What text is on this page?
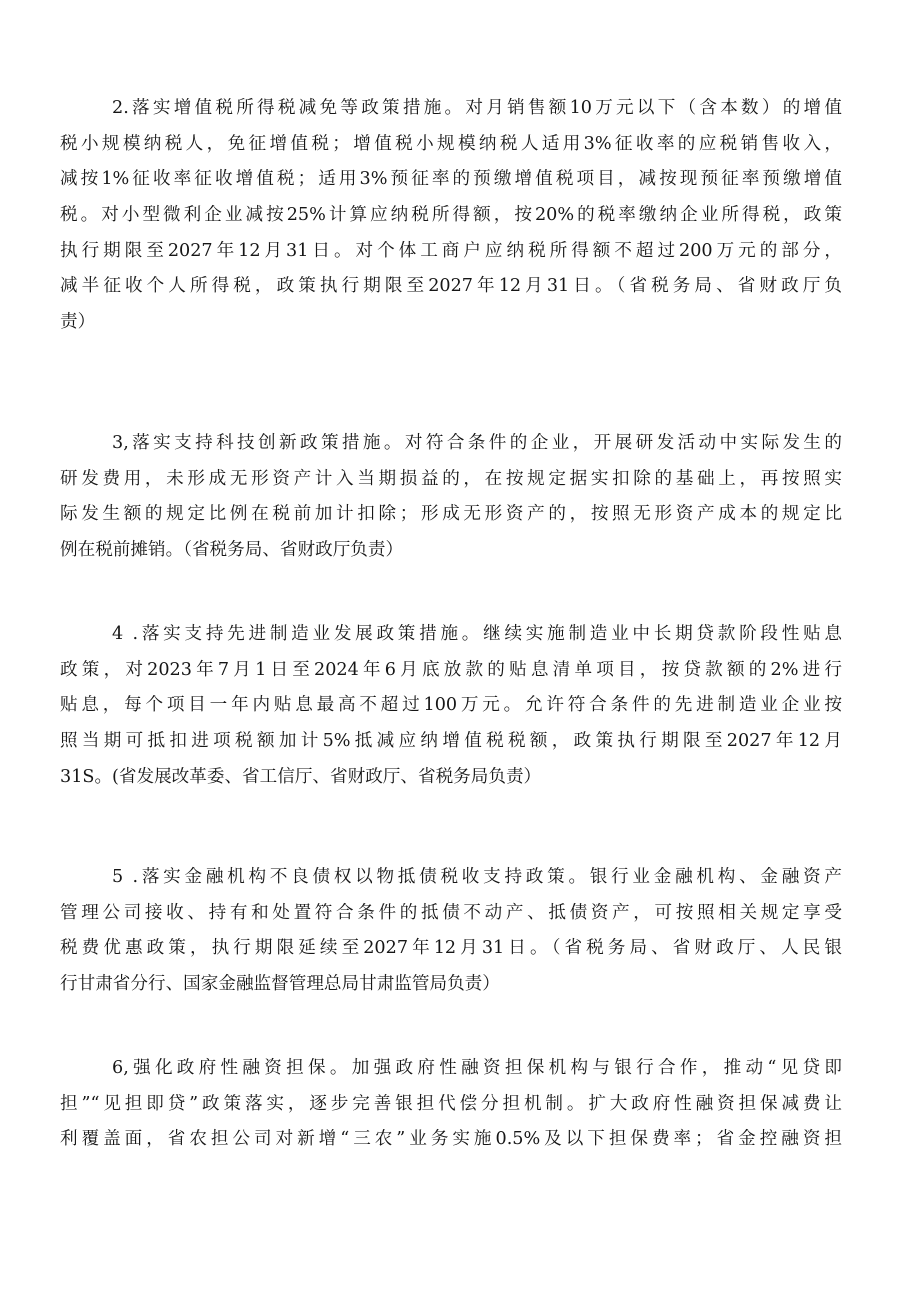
2.落实增值税所得税减免等政策措施。对月销售额10万元以下（含本数）的增值
税小规模纳税人，免征增值税；增值税小规模纳税人适用3%征收率的应税销售收入，
减按1%征收率征收增值税；适用3%预征率的预缴增值税项目，减按现预征率预缴增值
税。对小型微利企业减按25%计算应纳税所得额，按20%的税率缴纳企业所得税，政策
执行期限至2027年12月31日。对个体工商户应纳税所得额不超过200万元的部分，
减半征收个人所得税，政策执行期限至2027年12月31日。（省税务局、省财政厅负
责）
3,落实支持科技创新政策措施。对符合条件的企业，开展研发活动中实际发生的
研发费用，未形成无形资产计入当期损益的，在按规定据实扣除的基础上，再按照实
际发生额的规定比例在税前加计扣除；形成无形资产的，按照无形资产成本的规定比
例在税前摊销。（省税务局、省财政厅负责）
4 .落实支持先进制造业发展政策措施。继续实施制造业中长期贷款阶段性贴息
政策，对2023年7月1日至2024年6月底放款的贴息清单项目，按贷款额的2%进行
贴息，每个项目一年内贴息最高不超过100万元。允许符合条件的先进制造业企业按
照当期可抵扣进项税额加计5%抵减应纳增值税税额，政策执行期限至2027年12月
31S。(省发展改革委、省工信厅、省财政厅、省税务局负责）
5 .落实金融机构不良债权以物抵债税收支持政策。银行业金融机构、金融资产
管理公司接收、持有和处置符合条件的抵债不动产、抵债资产，可按照相关规定享受
税费优惠政策，执行期限延续至2027年12月31日。（省税务局、省财政厅、人民银
行甘肃省分行、国家金融监督管理总局甘肃监管局负责）
6,强化政府性融资担保。加强政府性融资担保机构与银行合作，推动“见贷即
担”“见担即贷”政策落实，逐步完善银担代偿分担机制。扩大政府性融资担保减费让
利覆盖面，省农担公司对新增“三农”业务实施0.5%及以下担保费率；省金控融资担
